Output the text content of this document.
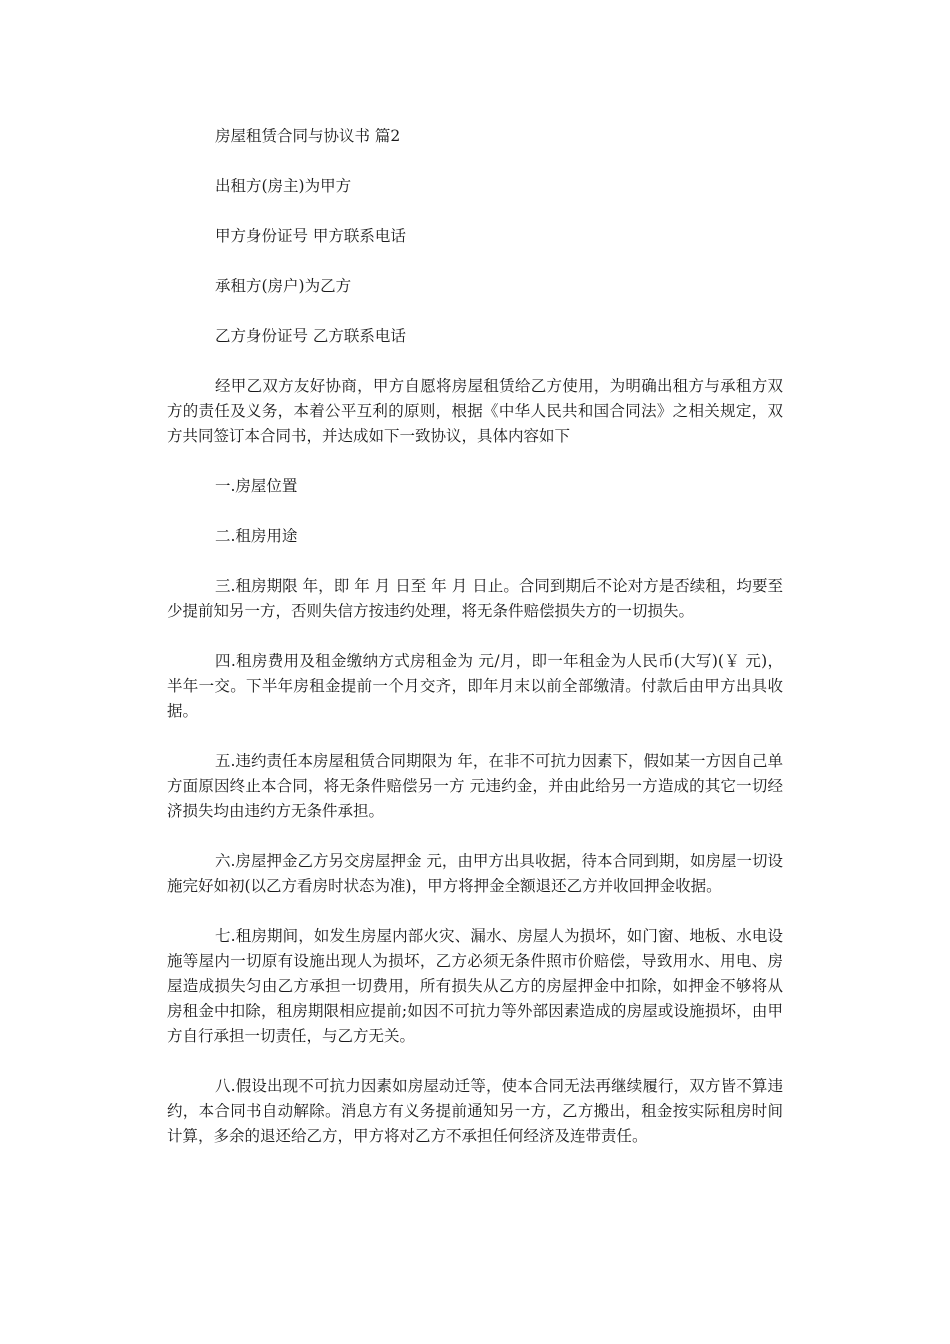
房屋租赁合同与协议书 篇2

出租方(房主)为甲方

甲方身份证号 甲方联系电话

承租方(房户)为乙方

乙方身份证号 乙方联系电话

经甲乙双方友好协商，甲方自愿将房屋租赁给乙方使用，为明确出租方与承租方双方的责任及义务，本着公平互利的原则，根据《中华人民共和国合同法》之相关规定，双方共同签订本合同书，并达成如下一致协议，具体内容如下

一.房屋位置

二.租房用途

三.租房期限 年，即 年 月 日至 年 月 日止。合同到期后不论对方是否续租，均要至少提前知另一方，否则失信方按违约处理，将无条件赔偿损失方的一切损失。

四.租房费用及租金缴纳方式房租金为 元/月，即一年租金为人民币(大写)(￥ 元)，半年一交。下半年房租金提前一个月交齐，即年月末以前全部缴清。付款后由甲方出具收据。

五.违约责任本房屋租赁合同期限为 年，在非不可抗力因素下，假如某一方因自己单方面原因终止本合同，将无条件赔偿另一方 元违约金，并由此给另一方造成的其它一切经济损失均由违约方无条件承担。

六.房屋押金乙方另交房屋押金 元，由甲方出具收据，待本合同到期，如房屋一切设施完好如初(以乙方看房时状态为准)，甲方将押金全额退还乙方并收回押金收据。

七.租房期间，如发生房屋内部火灾、漏水、房屋人为损坏，如门窗、地板、水电设施等屋内一切原有设施出现人为损坏，乙方必须无条件照市价赔偿，导致用水、用电、房屋造成损失匀由乙方承担一切费用，所有损失从乙方的房屋押金中扣除，如押金不够将从房租金中扣除，租房期限相应提前;如因不可抗力等外部因素造成的房屋或设施损坏，由甲方自行承担一切责任，与乙方无关。

八.假设出现不可抗力因素如房屋动迁等，使本合同无法再继续履行，双方皆不算违约，本合同书自动解除。消息方有义务提前通知另一方，乙方搬出，租金按实际租房时间计算，多余的退还给乙方，甲方将对乙方不承担任何经济及连带责任。
